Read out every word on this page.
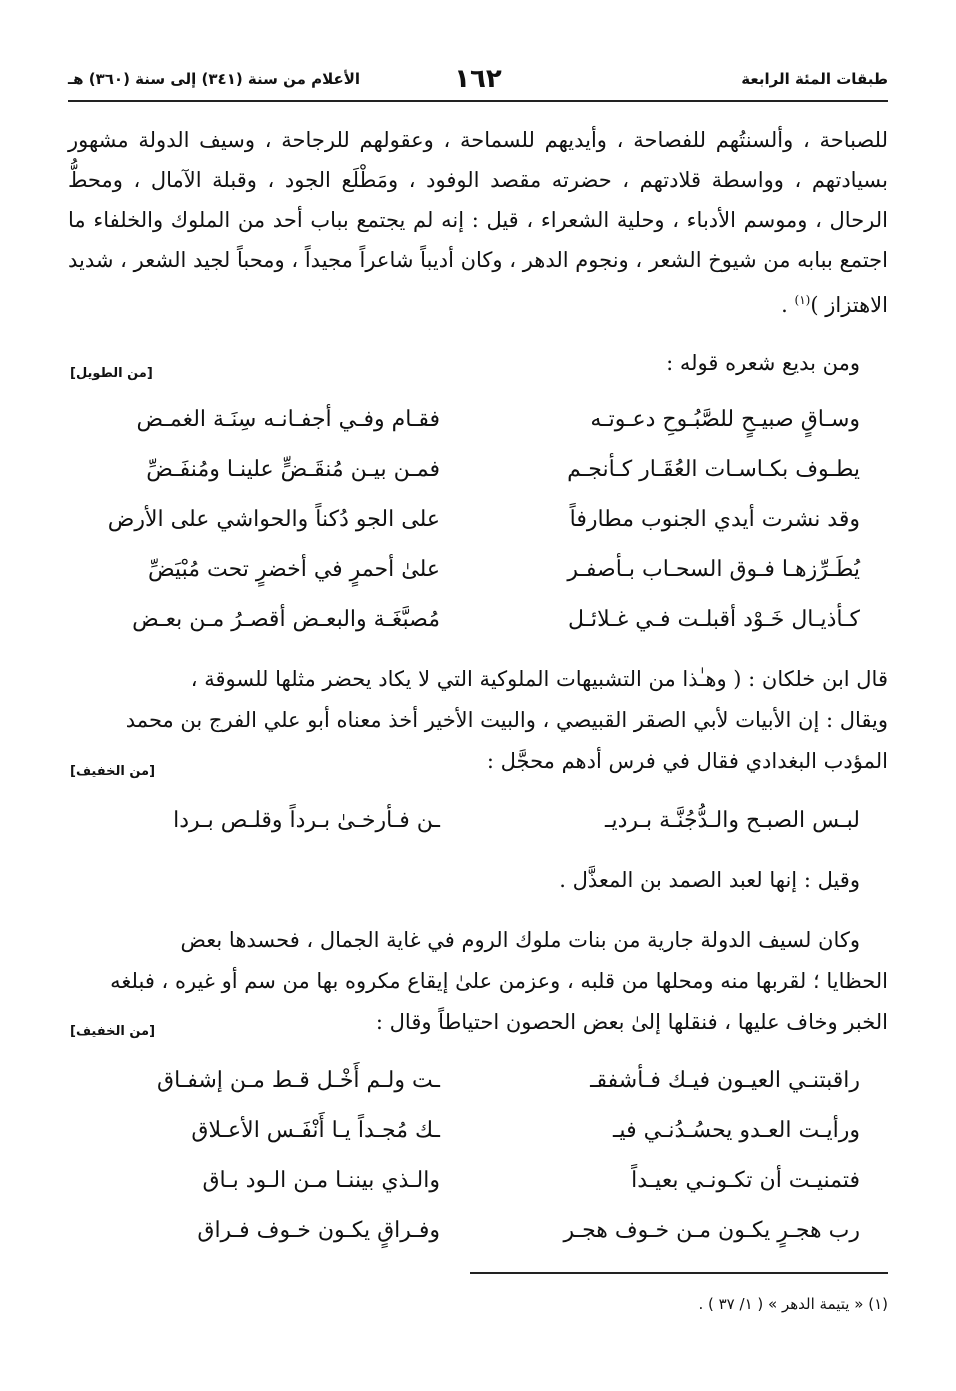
طبقات المئة الرابعة
١٦٢
الأعلام من سنة (٣٤١) إلى سنة (٣٦٠) هـ
للصباحة ، وألسنتُهم للفصاحة ، وأيديهم للسماحة ، وعقولهم للرجاحة ، وسيف الدولة مشهور بسيادتهم ، وواسطة قلادتهم ، حضرته مقصد الوفود ، ومَطْلَع الجود ، وقبلة الآمال ، ومحطُّ الرحال ، وموسم الأدباء ، وحلية الشعراء ، قيل : إنه لم يجتمع بباب أحد من الملوك والخلفاء ما اجتمع ببابه من شيوخ الشعر ، ونجوم الدهر ، وكان أديباً شاعراً مجيداً ، ومحباً لجيد الشعر ، شديد الاهتزاز )$^{(١)}$ .
ومن بديع شعره قوله :
[من الطويل]
وسـاقٍ صبيـحٍ للصَّبُـوحِ دعـوتـه
فقـام وفـي أجفـانـه سِنَـة الغمـض
يطـوف بكـاسـات العُقَـار كـأنجـم
فمـن بيـن مُنقَـضٍّ علينـا ومُنفَـضِّ
وقد نشرت أيدي الجنوب مطارفاً
على الجو دُكناً والحواشي على الأرض
يُطَـرِّزهـا فـوق السحـاب بـأصفـر
علىٰ أحمرٍ في أخضرٍ تحت مُبْيَضِّ
كـأذيـال خَـوْد أقبلـت فـي غـلائـل
مُصبَّغَـة والبعـض أقصـرُ مـن بعـض
قال ابن خلكان : ( وهـٰذا من التشبيهات الملوكية التي لا يكاد يحضر مثلها للسوقة ،
ويقال : إن الأبيات لأبي الصقر القبيصي ، والبيت الأخير أخذ معناه أبو علي الفرج بن محمد
المؤدب البغدادي فقال في فرس أدهم محجَّل :
[من الخفيف]
لبـس الصبـح والـدُّجُنَّـة بـرديـ
ـن فـأرخـىٰ بـرداً وقلـص بـردا
وقيل : إنها لعبد الصمد بن المعذَّل .
وكان لسيف الدولة جارية من بنات ملوك الروم في غاية الجمال ، فحسدها بعض
الحظايا ؛ لقربها منه ومحلها من قلبه ، وعزمن علىٰ إيقاع مكروه بها من سم أو غيره ، فبلغه
الخبر وخاف عليها ، فنقلها إلىٰ بعض الحصون احتياطاً وقال :
[من الخفيف]
راقبتنـي العيـون فيـك فـأشفقـ
ـت ولـم أَخْـل قـط مـن إشفـاق
ورأيـت العـدو يحسُـدُنـي فيـ
ـك مُجـداً يـا أَنْفَـس الأعـلاق
فتمنيـت أن تكـونـي بعيـداً
والـذي بيننـا مـن الـود بـاق
رب هجـرٍ يكـون مـن خـوف هجـر
وفـراقٍ يكـون خـوف فـراق
(١) « يتيمة الدهر » ( ١/ ٣٧ ) .
